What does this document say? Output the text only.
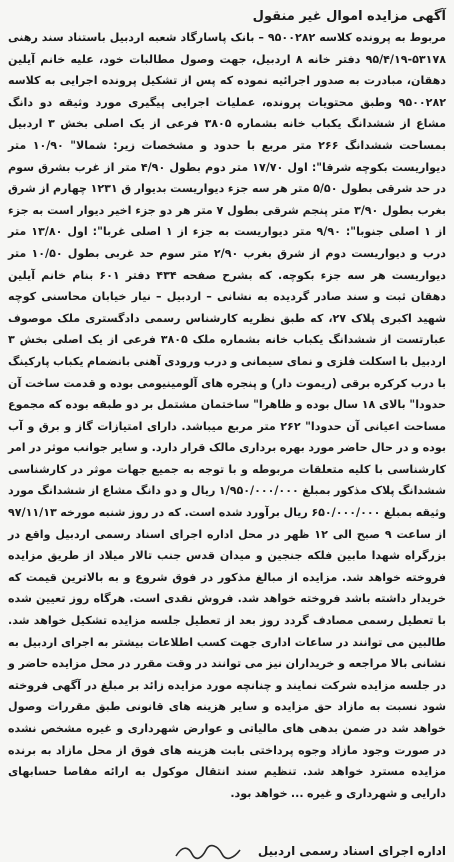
آگهی مزایده اموال غیر منقول

مربوط به پرونده کلاسه ۹۵۰۰۲۸۲ – بانک پاسارگاد شعبه اردبیل باستناد سند رهنی ۵۳۱۷۸-۹۵/۴/۱۹ دفتر خانه ۸ اردبیل، جهت وصول مطالبات خود، علیه خانم آیلین دهقان، مبادرت به صدور اجرائیه نموده که پس از تشکیل پرونده اجرایی به کلاسه ۹۵۰۰۲۸۲ وطبق محتویات پرونده، عملیات اجرایی پیگیری مورد وثیقه دو دانگ مشاع از ششدانگ یکباب خانه بشماره ۳۸۰۵ فرعی از یک اصلی بخش ۳ اردبیل بمساحت ششدانگ ۲۶۶ متر مربع با حدود و مشخصات زیر: شمالا" ۱۰/۹۰ متر دیواریست بکوچه شرقا": اول ۱۷/۷۰ متر دوم بطول ۴/۹۰ متر از غرب بشرق سوم در حد شرقی بطول ۵/۵۰ متر هر سه جزء دیواریست بدیوار ق ۱۲۳۱ چهارم از شرق بغرب بطول ۳/۹۰ متر پنجم شرقی بطول ۷ متر هر دو جزء اخیر دیوار است به جزء از ۱ اصلی جنوبا": ۹/۹۰ متر دیواریست به جزء از ۱ اصلی غربا": اول ۱۳/۸۰ متر درب و دیواریست دوم از شرق بغرب ۲/۹۰ متر سوم حد غربی بطول ۱۰/۵۰ متر دیواریست هر سه جزء بکوچه. که بشرح صفحه ۴۳۴ دفتر ۶۰۱ بنام خانم آیلین دهقان ثبت و سند صادر گردیده به نشانی – اردبیل – نیار خیابان محاسنی کوچه شهید اکبری پلاک ۲۷، که طبق نظریه کارشناس رسمی دادگستری ملک موصوف عبارتست از ششدانگ یکباب خانه بشماره ملک ۳۸۰۵ فرعی از یک اصلی بخش ۳ اردبیل با اسکلت فلزی و نمای سیمانی و درب ورودی آهنی بانضمام یکباب پارکینگ با درب کرکره برقی (ریموت دار) و پنجره های آلومینیومی بوده و قدمت ساخت آن حدودا" بالای ۱۸ سال بوده و ظاهرا" ساختمان مشتمل بر دو طبقه بوده که مجموع مساحت اعیانی آن حدودا" ۲۶۲ متر مربع میباشد. دارای امتیازات گاز و برق و آب بوده و در حال حاضر مورد بهره برداری مالک قرار دارد. و سایر جوانب موثر در امر کارشناسی با کلیه متعلقات مربوطه و با توجه به جمیع جهات موثر در کارشناسی ششدانگ پلاک مذکور بمبلغ ۱/۹۵۰/۰۰۰/۰۰۰ ریال و دو دانگ مشاع از ششدانگ مورد وثیقه بمبلغ ۶۵۰/۰۰۰/۰۰۰ ریال برآورد شده است. که در روز شنبه مورخه ۹۷/۱۱/۱۳ از ساعت ۹ صبح الی ۱۲ ظهر در محل اداره اجرای اسناد رسمی اردبیل واقع در بزرگراه شهدا مابین فلکه جنجین و میدان قدس جنب تالار میلاد از طریق مزایده فروخته خواهد شد. مزایده از مبالغ مذکور در فوق شروع و به بالاترین قیمت که خریدار داشته باشد فروخته خواهد شد. فروش نقدی است. هرگاه روز تعیین شده با تعطیل رسمی مصادف گردد روز بعد از تعطیل جلسه مزایده تشکیل خواهد شد. طالبین می توانند در ساعات اداری جهت کسب اطلاعات بیشتر به اجرای اردبیل به نشانی بالا مراجعه و خریداران نیز می توانند در وقت مقرر در محل مزایده حاضر و در جلسه مزایده شرکت نمایند و چنانچه مورد مزایده زائد بر مبلغ در آگهی فروخته شود نسبت به مازاد حق مزایده و سایر هزینه های قانونی طبق مقررات وصول خواهد شد در ضمن بدهی های مالیاتی و عوارض شهرداری و غیره مشخص نشده در صورت وجود مازاد وجوه پرداختی بابت هزینه های فوق از محل مازاد به برنده مزایده مسترد خواهد شد. تنظیم سند انتقال موکول به ارائه مفاصا حسابهای دارایی و شهرداری و غیره ... خواهد بود.

اداره اجرای اسناد رسمی اردبیل
